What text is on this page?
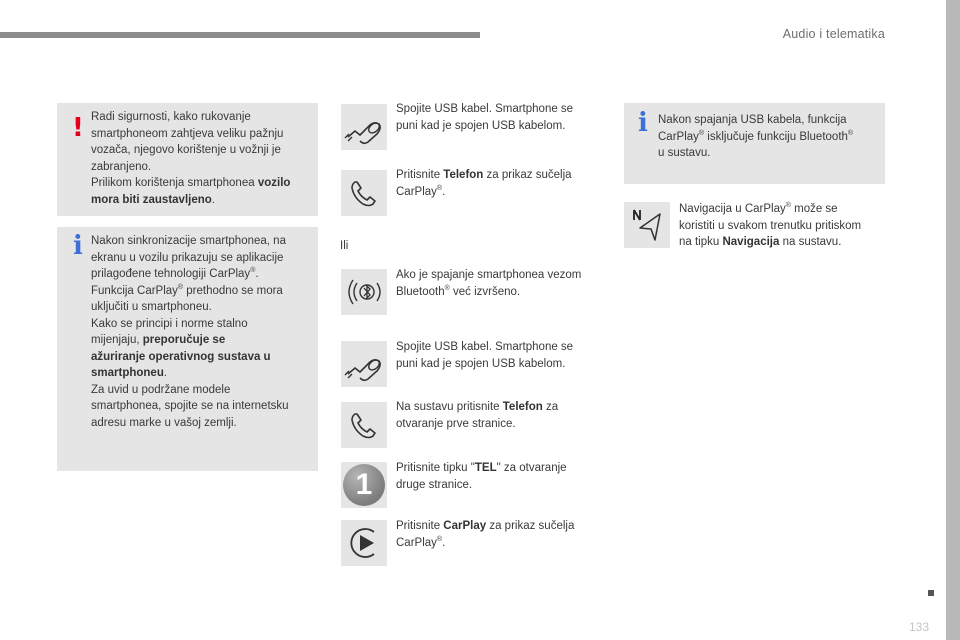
Audio i telematika
! Radi sigurnosti, kako rukovanje

smartphoneom zahtjeva veliku pažnju

vozača, njegovo korištenje u vožnji je

zabranjeno.

Prilikom korištenja smartphonea vozilo

mora biti zaustavljeno.

i Nakon sinkronizacije smartphonea, na

ekranu u vozilu prikazuju se aplikacije

prilagođene tehnologiji CarPlay®.

Funkcija CarPlay® prethodno se mora

uključiti u smartphoneu.

Kako se principi i norme stalno

mijenjaju, preporučuje se

ažuriranje operativnog sustava u

smartphoneu.

Za uvid u podržane modele

smartphonea, spojite se na internetsku

adresu marke u vašoj zemlji.

Spojite USB kabel. Smartphone se

puni kad je spojen USB kabelom.

Pritisnite Telefon za prikaz sučelja

CarPlay®.

Ili

Ako je spajanje smartphonea vezom

Bluetooth® već izvršeno.

Spojite USB kabel. Smartphone se

puni kad je spojen USB kabelom.

Na sustavu pritisnite Telefon za

otvaranje prve stranice.

1	Pritisnite tipku "TEL" za otvaranje

druge stranice.

Pritisnite CarPlay za prikaz sučelja

CarPlay®.

i Nakon spajanja USB kabela, funkcija

CarPlay® isključuje funkciju Bluetooth®

u sustavu.

Navigacija u CarPlay® može se

koristiti u svakom trenutku pritiskom

na tipku Navigacija na sustavu.

133
